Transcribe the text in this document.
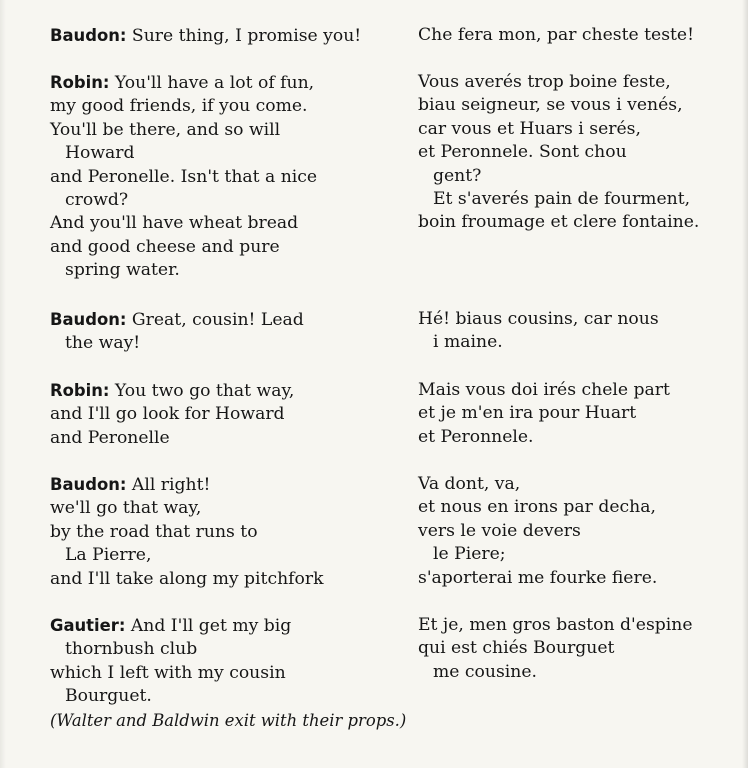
Baudon: Sure thing, I promise you!
Robin: You'll have a lot of fun,
my good friends, if you come.
You'll be there, and so will
Howard
and Peronelle. Isn't that a nice
crowd?
And you'll have wheat bread
and good cheese and pure
spring water.
Baudon: Great, cousin! Lead
the way!
Robin: You two go that way,
and I'll go look for Howard
and Peronelle
Baudon: All right!
we'll go that way,
by the road that runs to
La Pierre,
and I'll take along my pitchfork
Gautier: And I'll get my big
thornbush club
which I left with my cousin
Bourguet.
(Walter and Baldwin exit with their props.)
Che fera mon, par cheste teste!
Vous averés trop boine feste,
biau seigneur, se vous i venés,
car vous et Huars i serés,
et Peronnele. Sont chou
gent?
Et s'averés pain de fourment,
boin froumage et clere fontaine.
Hé! biaus cousins, car nous
i maine.
Mais vous doi irés chele part
et je m'en ira pour Huart
et Peronnele.
Va dont, va,
et nous en irons par decha,
vers le voie devers
le Piere;
s'aporterai me fourke fiere.
Et je, men gros baston d'espine
qui est chiés Bourguet
me cousine.
